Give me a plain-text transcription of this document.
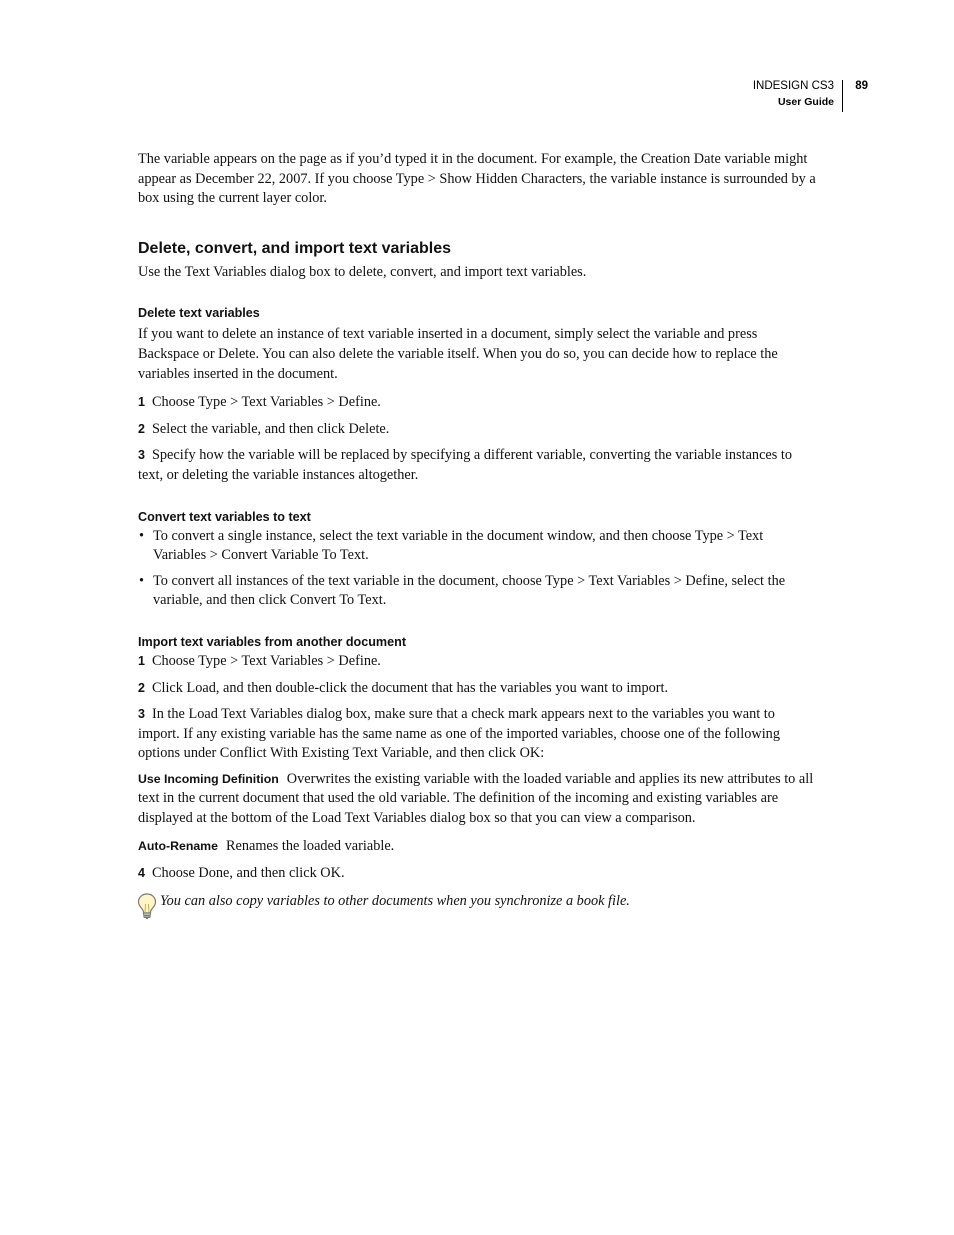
INDESIGN CS3
User Guide
89

The variable appears on the page as if you’d typed it in the document. For example, the Creation Date variable might appear as December 22, 2007. If you choose Type > Show Hidden Characters, the variable instance is surrounded by a box using the current layer color.

Delete, convert, and import text variables

Use the Text Variables dialog box to delete, convert, and import text variables.

Delete text variables

If you want to delete an instance of text variable inserted in a document, simply select the variable and press Backspace or Delete. You can also delete the variable itself. When you do so, you can decide how to replace the variables inserted in the document.

1 Choose Type > Text Variables > Define.

2 Select the variable, and then click Delete.

3 Specify how the variable will be replaced by specifying a different variable, converting the variable instances to text, or deleting the variable instances altogether.

Convert text variables to text

• To convert a single instance, select the text variable in the document window, and then choose Type > Text Variables > Convert Variable To Text.

• To convert all instances of the text variable in the document, choose Type > Text Variables > Define, select the variable, and then click Convert To Text.

Import text variables from another document

1 Choose Type > Text Variables > Define.

2 Click Load, and then double-click the document that has the variables you want to import.

3 In the Load Text Variables dialog box, make sure that a check mark appears next to the variables you want to import. If any existing variable has the same name as one of the imported variables, choose one of the following options under Conflict With Existing Text Variable, and then click OK:

Use Incoming Definition Overwrites the existing variable with the loaded variable and applies its new attributes to all text in the current document that used the old variable. The definition of the incoming and existing variables are displayed at the bottom of the Load Text Variables dialog box so that you can view a comparison.

Auto-Rename Renames the loaded variable.

4 Choose Done, and then click OK.

You can also copy variables to other documents when you synchronize a book file.
